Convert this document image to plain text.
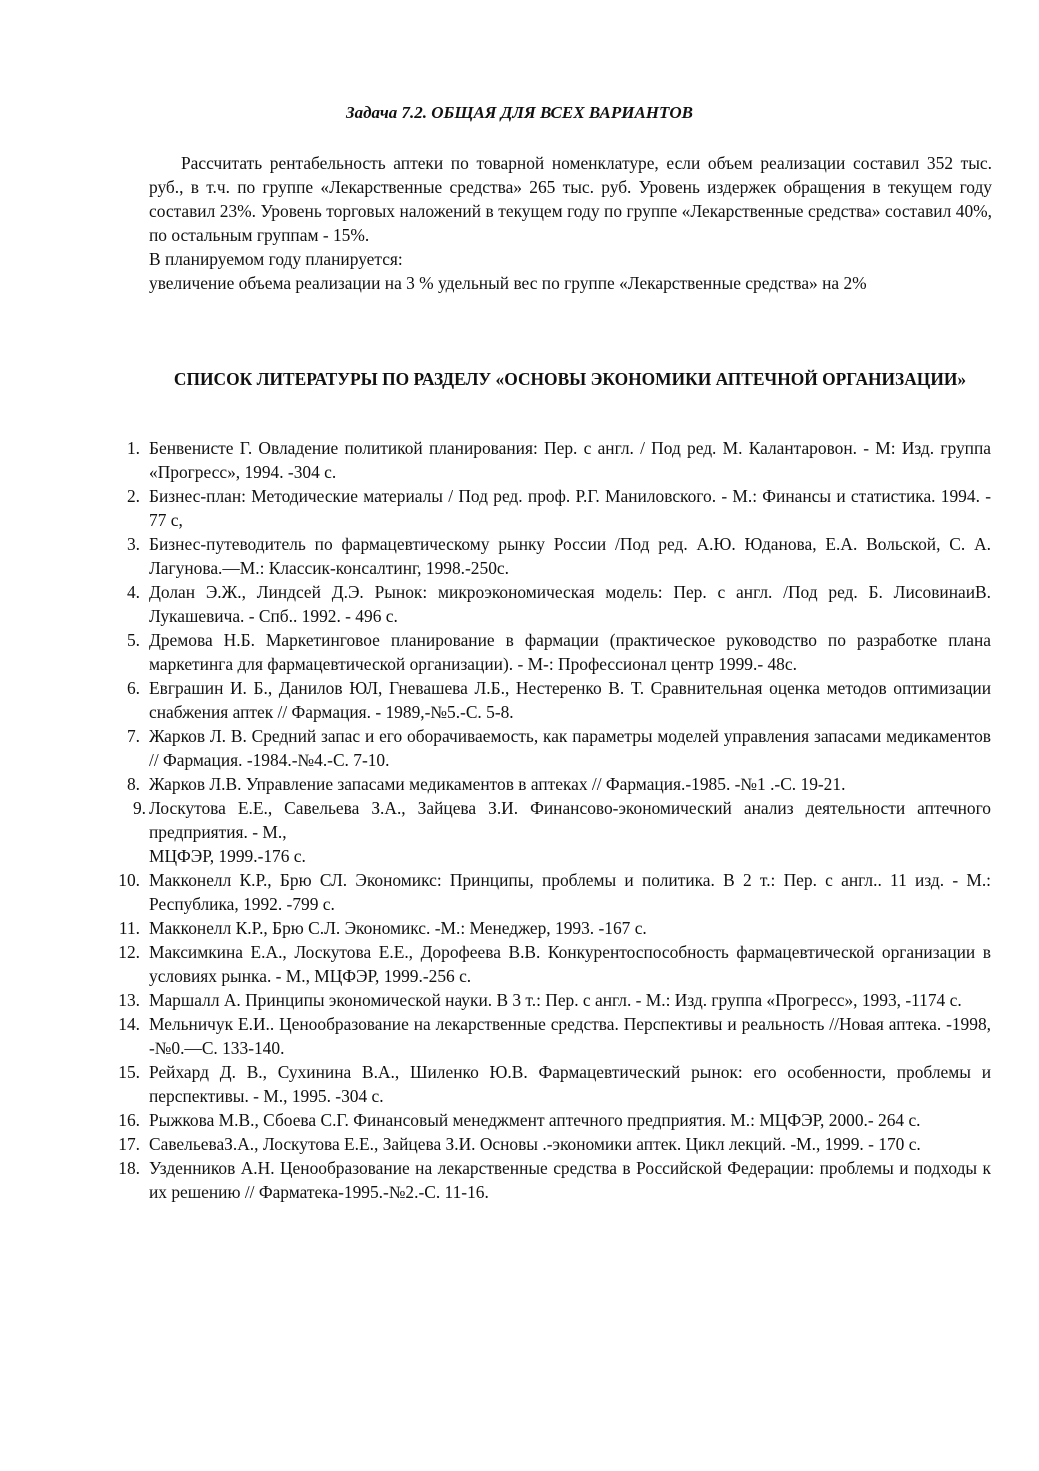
Задача 7.2. ОБЩАЯ ДЛЯ ВСЕХ ВАРИАНТОВ

Рассчитать рентабельность аптеки по товарной номенклатуре, если объем реализации составил 352 тыс. руб., в т.ч. по группе «Лекарственные средства» 265 тыс. руб. Уровень издержек обращения в текущем году составил 23%. Уровень торговых наложений в текущем году по группе «Лекарственные средства» составил 40%, по остальным группам - 15%.

В планируемом году планируется:

увеличение объема реализации на 3 % удельный вес по группе «Лекарственные средства» на 2%

СПИСОК ЛИТЕРАТУРЫ ПО РАЗДЕЛУ «ОСНОВЫ ЭКОНОМИКИ АПТЕЧНОЙ ОРГАНИЗАЦИИ»
1. Бенвенисте Г. Овладение политикой планирования: Пер. с англ. / Под ред. М. Калантаровон. - М: Изд. группа «Прогресс», 1994. -304 с.
2. Бизнес-план: Методические материалы / Под ред. проф. Р.Г. Маниловского. - М.: Финансы и статистика. 1994. - 77 с,
3. Бизнес-путеводитель по фармацевтическому рынку России /Под ред. А.Ю. Юданова, Е.А. Вольской, С. А. Лагунова.—М.: Классик-консалтинг, 1998.-250с.
4. Долан Э.Ж., Линдсей Д.Э. Рынок: микроэкономическая модель: Пер. с англ. /Под ред. Б. ЛисовинаиВ. Лукашевича. - Спб.. 1992. - 496 с.
5. Дремова Н.Б. Маркетинговое планирование в фармации (практическое руководство по разработке плана маркетинга для фармацевтической организации). - М-: Профессионал центр 1999.- 48с.
6. Евграшин И. Б., Данилов ЮЛ, Гневашева Л.Б., Нестеренко В. Т. Сравнительная оценка методов оптимизации снабжения аптек // Фармация. - 1989,-№5.-С. 5-8.
7. Жарков Л. В. Средний запас и его оборачиваемость, как параметры моделей управления запасами медикаментов // Фармация. -1984.-№4.-С. 7-10.
8. Жарков Л.В. Управление запасами медикаментов в аптеках // Фармация.-1985. -№1 .-С. 19-21.
9. Лоскутова Е.Е., Савельева З.А., Зайцева З.И. Финансово-экономический анализ деятельности аптечного предприятия. - М.,
МЦФЭР, 1999.-176 с.
10. Макконелл К.Р., Брю СЛ. Экономикс: Принципы, проблемы и политика. В 2 т.: Пер. с англ.. 11 изд. - М.: Республика, 1992. -799 с.
11. Макконелл К.Р., Брю С.Л. Экономикс. -М.: Менеджер, 1993. -167 с.
12. Максимкина Е.А., Лоскутова Е.Е., Дорофеева В.В. Конкурентоспособность фармацевтической организации в условиях рынка. - М., МЦФЭР, 1999.-256 с.
13. Маршалл А. Принципы экономической науки. В 3 т.: Пер. с англ. - М.: Изд. группа «Прогресс», 1993, -1174 с.
14. Мельничук Е.И.. Ценообразование на лекарственные средства. Перспективы и реальность //Новая аптека. -1998, -№0.—С. 133-140.
15. Рейхард Д. В., Сухинина В.А., Шиленко Ю.В. Фармацевтический рынок: его особенности, проблемы и перспективы. - М., 1995. -304 с.
16. Рыжкова М.В., Сбоева С.Г. Финансовый менеджмент аптечного предприятия. М.: МЦФЭР, 2000.- 264 с.
17. СавельеваЗ.А., Лоскутова Е.Е., Зайцева З.И. Основы .-экономики аптек. Цикл лекций. -М., 1999. - 170 с.
18. Узденников А.Н. Ценообразование на лекарственные средства в Российской Федерации: проблемы и подходы к их решению // Фарматека-1995.-№2.-С. 11-16.
